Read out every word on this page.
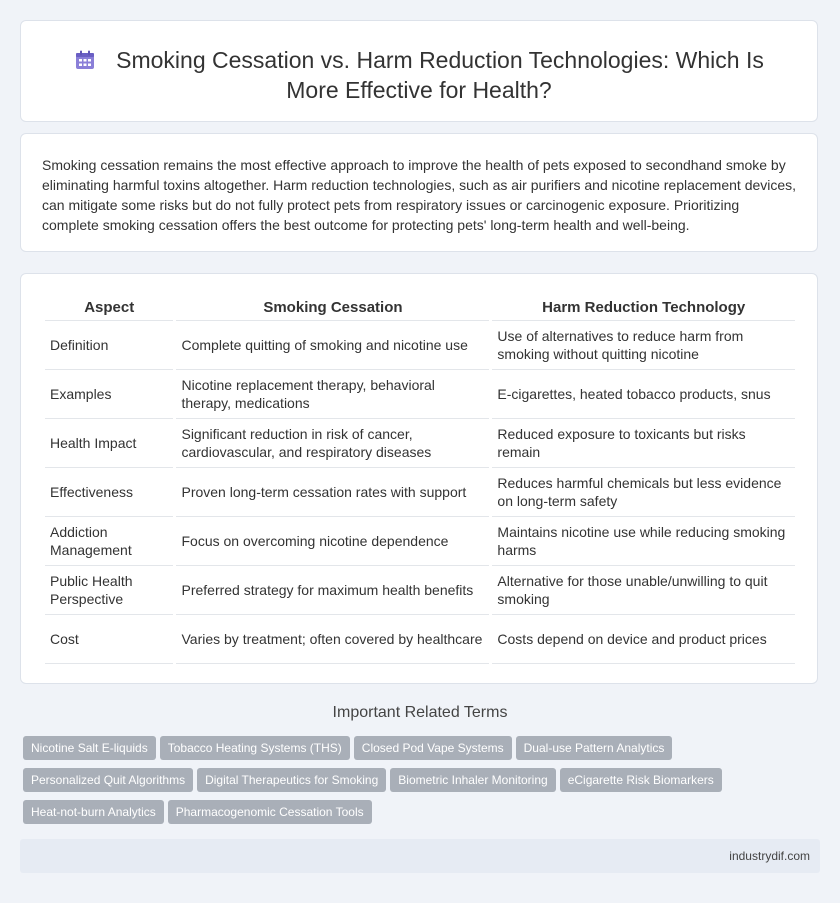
Smoking Cessation vs. Harm Reduction Technologies: Which Is More Effective for Health?
Smoking cessation remains the most effective approach to improve the health of pets exposed to secondhand smoke by eliminating harmful toxins altogether. Harm reduction technologies, such as air purifiers and nicotine replacement devices, can mitigate some risks but do not fully protect pets from respiratory issues or carcinogenic exposure. Prioritizing complete smoking cessation offers the best outcome for protecting pets' long-term health and well-being.
Aspect	Smoking Cessation	Harm Reduction Technology
Definition	Complete quitting of smoking and nicotine use	Use of alternatives to reduce harm from smoking without quitting nicotine
Examples	Nicotine replacement therapy, behavioral therapy, medications	E-cigarettes, heated tobacco products, snus
Health Impact	Significant reduction in risk of cancer, cardiovascular, and respiratory diseases	Reduced exposure to toxicants but risks remain
Effectiveness	Proven long-term cessation rates with support	Reduces harmful chemicals but less evidence on long-term safety
Addiction Management	Focus on overcoming nicotine dependence	Maintains nicotine use while reducing smoking harms
Public Health Perspective	Preferred strategy for maximum health benefits	Alternative for those unable/unwilling to quit smoking
Cost	Varies by treatment; often covered by healthcare	Costs depend on device and product prices
Important Related Terms
Nicotine Salt E-liquids Tobacco Heating Systems (THS) Closed Pod Vape Systems Dual-use Pattern Analytics
Personalized Quit Algorithms Digital Therapeutics for Smoking Biometric Inhaler Monitoring eCigarette Risk Biomarkers
Heat-not-burn Analytics Pharmacogenomic Cessation Tools
industrydif.com
